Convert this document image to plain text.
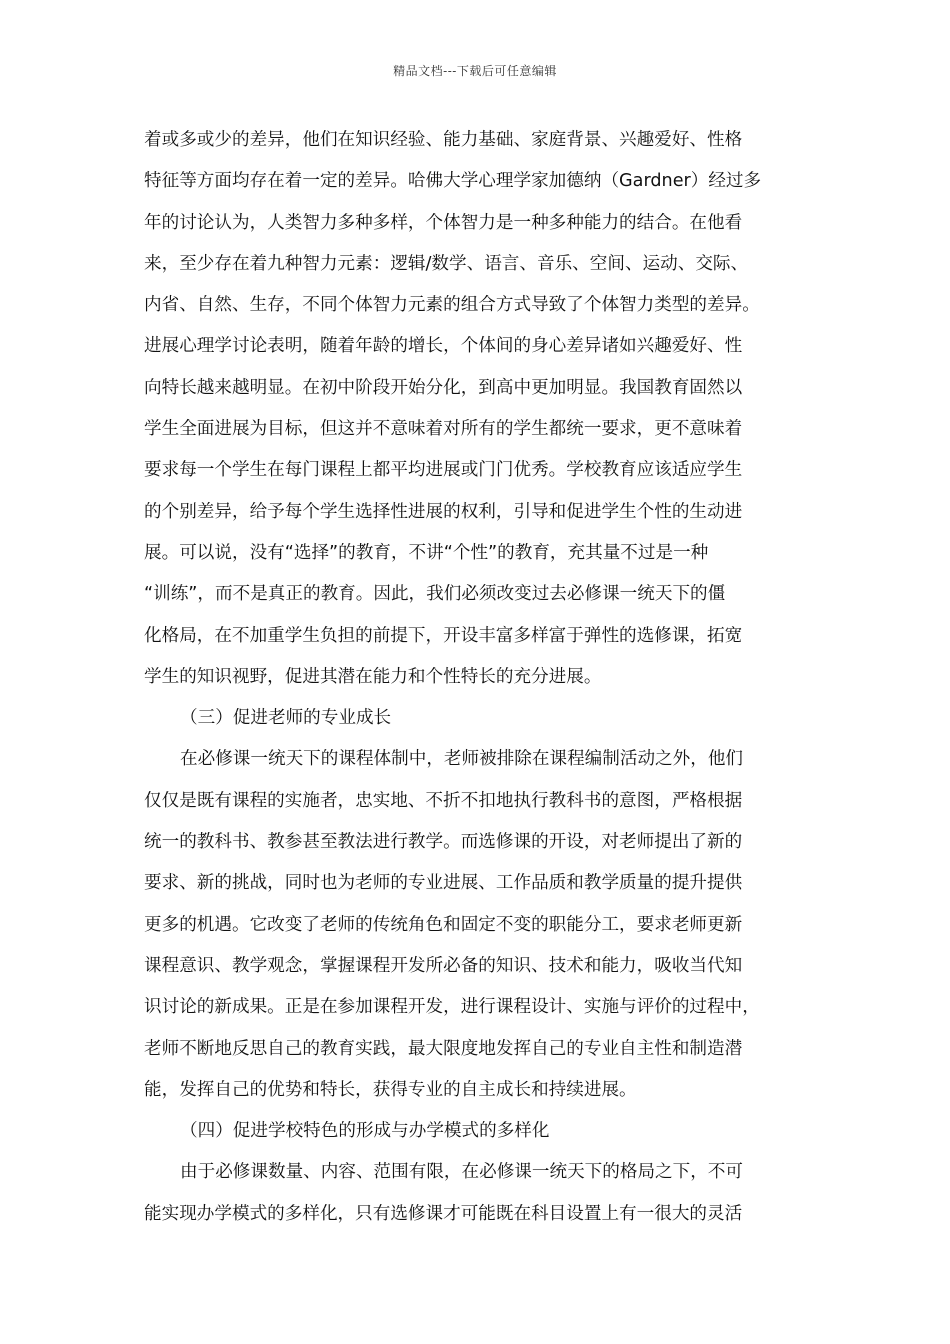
精品文档---下载后可任意编辑
着或多或少的差异，他们在知识经验、能力基础、家庭背景、兴趣爱好、性格
特征等方面均存在着一定的差异。哈佛大学心理学家加德纳（Gardner）经过多
年的讨论认为，人类智力多种多样，个体智力是一种多种能力的结合。在他看
来，至少存在着九种智力元素：逻辑/数学、语言、音乐、空间、运动、交际、
内省、自然、生存，不同个体智力元素的组合方式导致了个体智力类型的差异。
进展心理学讨论表明，随着年龄的增长，个体间的身心差异诸如兴趣爱好、性
向特长越来越明显。在初中阶段开始分化，到高中更加明显。我国教育固然以
学生全面进展为目标，但这并不意味着对所有的学生都统一要求，更不意味着
要求每一个学生在每门课程上都平均进展或门门优秀。学校教育应该适应学生
的个别差异，给予每个学生选择性进展的权利，引导和促进学生个性的生动进
展。可以说，没有“选择”的教育，不讲“个性”的教育，充其量不过是一种
“训练”，而不是真正的教育。因此，我们必须改变过去必修课一统天下的僵
化格局，在不加重学生负担的前提下，开设丰富多样富于弹性的选修课，拓宽
学生的知识视野，促进其潜在能力和个性特长的充分进展。
（三）促进老师的专业成长
在必修课一统天下的课程体制中，老师被排除在课程编制活动之外，他们
仅仅是既有课程的实施者，忠实地、不折不扣地执行教科书的意图，严格根据
统一的教科书、教参甚至教法进行教学。而选修课的开设，对老师提出了新的
要求、新的挑战，同时也为老师的专业进展、工作品质和教学质量的提升提供
更多的机遇。它改变了老师的传统角色和固定不变的职能分工，要求老师更新
课程意识、教学观念，掌握课程开发所必备的知识、技术和能力，吸收当代知
识讨论的新成果。正是在参加课程开发，进行课程设计、实施与评价的过程中，
老师不断地反思自己的教育实践，最大限度地发挥自己的专业自主性和制造潜
能，发挥自己的优势和特长，获得专业的自主成长和持续进展。
（四）促进学校特色的形成与办学模式的多样化
由于必修课数量、内容、范围有限，在必修课一统天下的格局之下，不可
能实现办学模式的多样化，只有选修课才可能既在科目设置上有一很大的灵活
